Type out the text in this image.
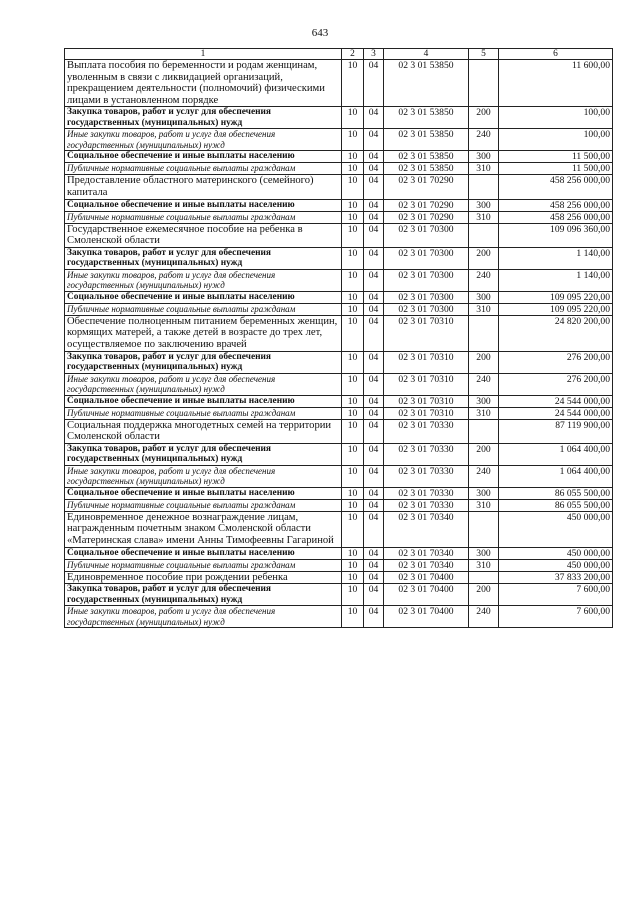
643
1	2	3	4	5	6
Выплата пособия по беременности и родам женщинам, уволенным в связи с ликвидацией организаций, прекращением деятельности (полномочий) физическими лицами в установленном порядке	10	04	02 3 01 53850		11 600,00
Закупка товаров, работ и услуг для обеспечения государственных (муниципальных) нужд	10	04	02 3 01 53850	200	100,00
Иные закупки товаров, работ и услуг для обеспечения государственных (муниципальных) нужд	10	04	02 3 01 53850	240	100,00
Социальное обеспечение и иные выплаты населению	10	04	02 3 01 53850	300	11 500,00
Публичные нормативные социальные выплаты гражданам	10	04	02 3 01 53850	310	11 500,00
Предоставление областного материнского (семейного) капитала	10	04	02 3 01 70290		458 256 000,00
Социальное обеспечение и иные выплаты населению	10	04	02 3 01 70290	300	458 256 000,00
Публичные нормативные социальные выплаты гражданам	10	04	02 3 01 70290	310	458 256 000,00
Государственное ежемесячное пособие на ребенка в Смоленской области	10	04	02 3 01 70300		109 096 360,00
Закупка товаров, работ и услуг для обеспечения государственных (муниципальных) нужд	10	04	02 3 01 70300	200	1 140,00
Иные закупки товаров, работ и услуг для обеспечения государственных (муниципальных) нужд	10	04	02 3 01 70300	240	1 140,00
Социальное обеспечение и иные выплаты населению	10	04	02 3 01 70300	300	109 095 220,00
Публичные нормативные социальные выплаты гражданам	10	04	02 3 01 70300	310	109 095 220,00
Обеспечение полноценным питанием беременных женщин, кормящих матерей, а также детей в возрасте до трех лет, осуществляемое по заключению врачей	10	04	02 3 01 70310		24 820 200,00
Закупка товаров, работ и услуг для обеспечения государственных (муниципальных) нужд	10	04	02 3 01 70310	200	276 200,00
Иные закупки товаров, работ и услуг для обеспечения государственных (муниципальных) нужд	10	04	02 3 01 70310	240	276 200,00
Социальное обеспечение и иные выплаты населению	10	04	02 3 01 70310	300	24 544 000,00
Публичные нормативные социальные выплаты гражданам	10	04	02 3 01 70310	310	24 544 000,00
Социальная поддержка многодетных семей на территории Смоленской области	10	04	02 3 01 70330		87 119 900,00
Закупка товаров, работ и услуг для обеспечения государственных (муниципальных) нужд	10	04	02 3 01 70330	200	1 064 400,00
Иные закупки товаров, работ и услуг для обеспечения государственных (муниципальных) нужд	10	04	02 3 01 70330	240	1 064 400,00
Социальное обеспечение и иные выплаты населению	10	04	02 3 01 70330	300	86 055 500,00
Публичные нормативные социальные выплаты гражданам	10	04	02 3 01 70330	310	86 055 500,00
Единовременное денежное вознаграждение лицам, награжденным почетным знаком Смоленской области «Материнская слава» имени Анны Тимофеевны Гагариной	10	04	02 3 01 70340		450 000,00
Социальное обеспечение и иные выплаты населению	10	04	02 3 01 70340	300	450 000,00
Публичные нормативные социальные выплаты гражданам	10	04	02 3 01 70340	310	450 000,00
Единовременное пособие при рождении ребенка	10	04	02 3 01 70400		37 833 200,00
Закупка товаров, работ и услуг для обеспечения государственных (муниципальных) нужд	10	04	02 3 01 70400	200	7 600,00
Иные закупки товаров, работ и услуг для обеспечения государственных (муниципальных) нужд	10	04	02 3 01 70400	240	7 600,00
